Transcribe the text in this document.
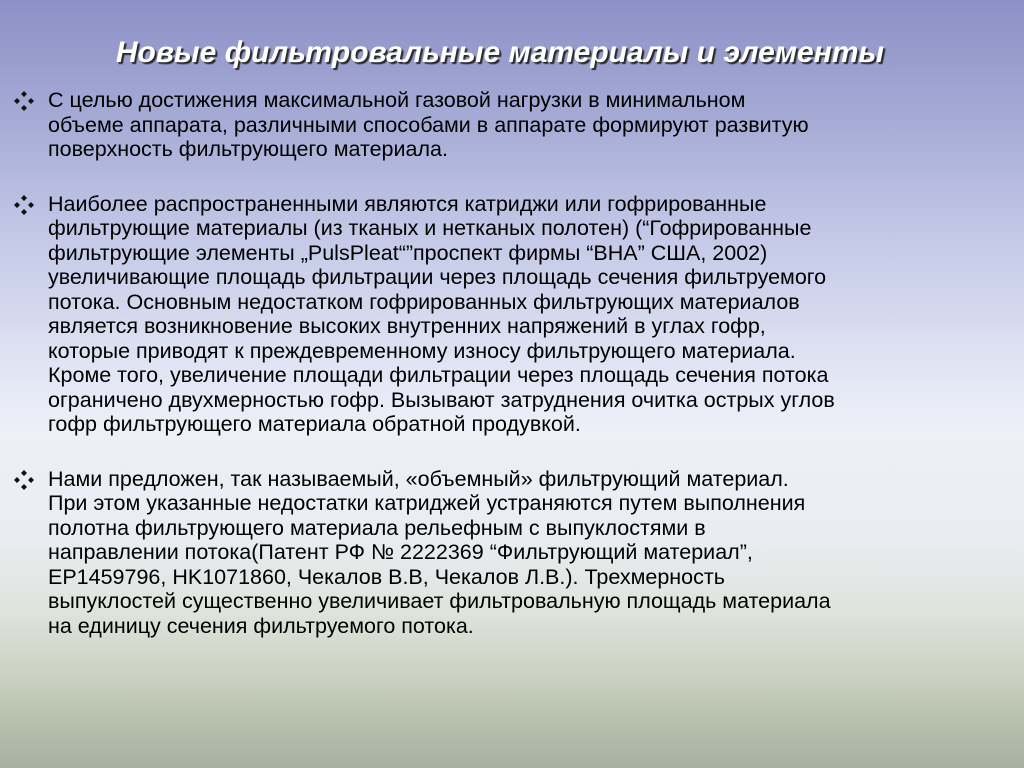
Новые фильтровальные материалы и элементы
С целью достижения максимальной газовой нагрузки в минимальном
объеме аппарата, различными способами в аппарате формируют развитую
поверхность фильтрующего материала.
Наиболее распространенными являются катриджи или гофрированные
фильтрующие материалы (из тканых и нетканых полотен) (“Гофрированные
фильтрующие элементы „PulsPleat“”проспект фирмы “ВНА” США, 2002)
увеличивающие площадь фильтрации через площадь сечения фильтруемого
потока. Основным недостатком гофрированных фильтрующих материалов
является возникновение высоких внутренних напряжений в углах гофр,
которые приводят к преждевременному износу фильтрующего материала.
Кроме того, увеличение площади фильтрации через площадь сечения потока
ограничено двухмерностью гофр. Вызывают затруднения очитка острых углов
гофр фильтрующего материала обратной продувкой.
Нами предложен, так называемый, «объемный» фильтрующий материал.
При этом указанные недостатки катриджей устраняются путем выполнения
полотна фильтрующего материала рельефным с выпуклостями в
направлении потока(Патент РФ № 2222369 “Фильтрующий материал”,
EP1459796, HK1071860, Чекалов В.В, Чекалов Л.В.). Трехмерность
выпуклостей существенно увеличивает фильтровальную площадь материала
на единицу сечения фильтруемого потока.
